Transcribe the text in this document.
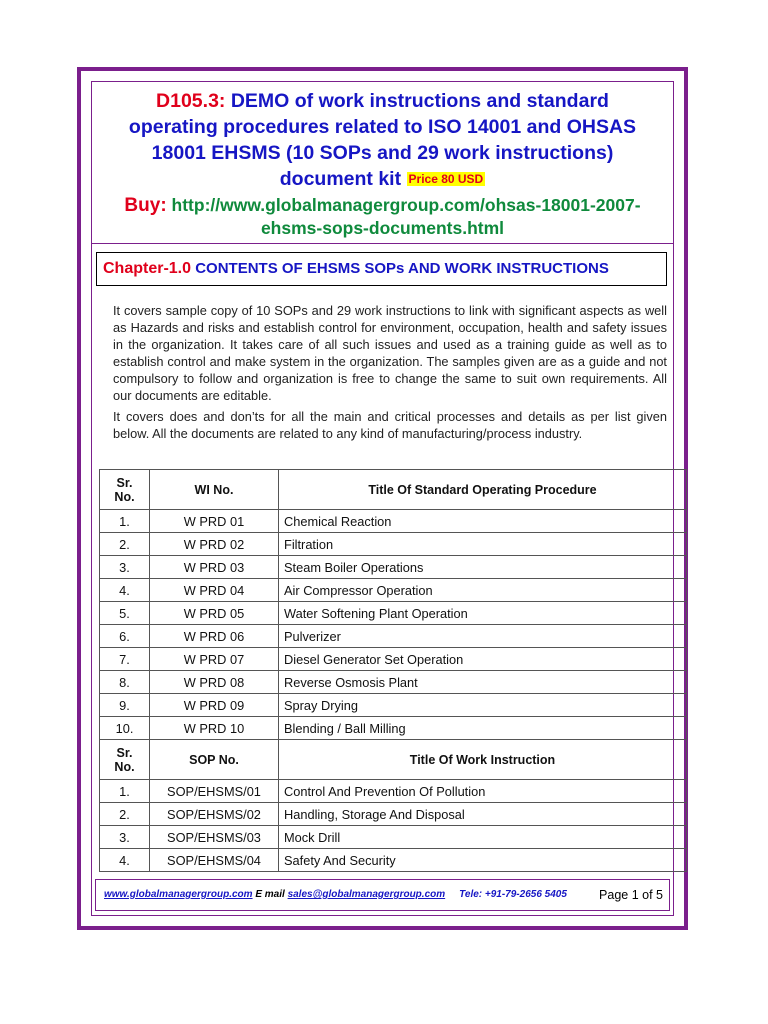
D105.3: DEMO of work instructions and standard
operating procedures related to ISO 14001 and OHSAS
18001 EHSMS (10 SOPs and 29 work instructions)
document kit Price 80 USD
Buy: http://www.globalmanagergroup.com/ohsas-18001-2007-
ehsms-sops-documents.html
Chapter-1.0 CONTENTS OF EHSMS SOPs AND WORK INSTRUCTIONS

It covers sample copy of 10 SOPs and 29 work instructions to link with significant aspects as well as Hazards and risks and establish control for environment, occupation, health and safety issues in the organization. It takes care of all such issues and used as a training guide as well as to establish control and make system in the organization. The samples given are as a guide and not compulsory to follow and organization is free to change the same to suit own requirements. All our documents are editable.

It covers does and don’ts for all the main and critical processes and details as per list given below. All the documents are related to any kind of manufacturing/process industry.

Sr. No.	WI No.	Title Of Standard Operating Procedure
1.	W PRD 01	Chemical Reaction
2.	W PRD 02	Filtration
3.	W PRD 03	Steam Boiler Operations
4.	W PRD 04	Air Compressor Operation
5.	W PRD 05	Water Softening Plant Operation
6.	W PRD 06	Pulverizer
7.	W PRD 07	Diesel Generator Set Operation
8.	W PRD 08	Reverse Osmosis Plant
9.	W PRD 09	Spray Drying
10.	W PRD 10	Blending / Ball Milling
Sr. No.	SOP No.	Title Of Work Instruction
1.	SOP/EHSMS/01	Control And Prevention Of Pollution
2.	SOP/EHSMS/02	Handling, Storage And Disposal
3.	SOP/EHSMS/03	Mock Drill
4.	SOP/EHSMS/04	Safety And Security
www.globalmanagergroup.com E mail sales@globalmanagergroup.com Tele: +91-79-2656 5405	Page 1 of 5
